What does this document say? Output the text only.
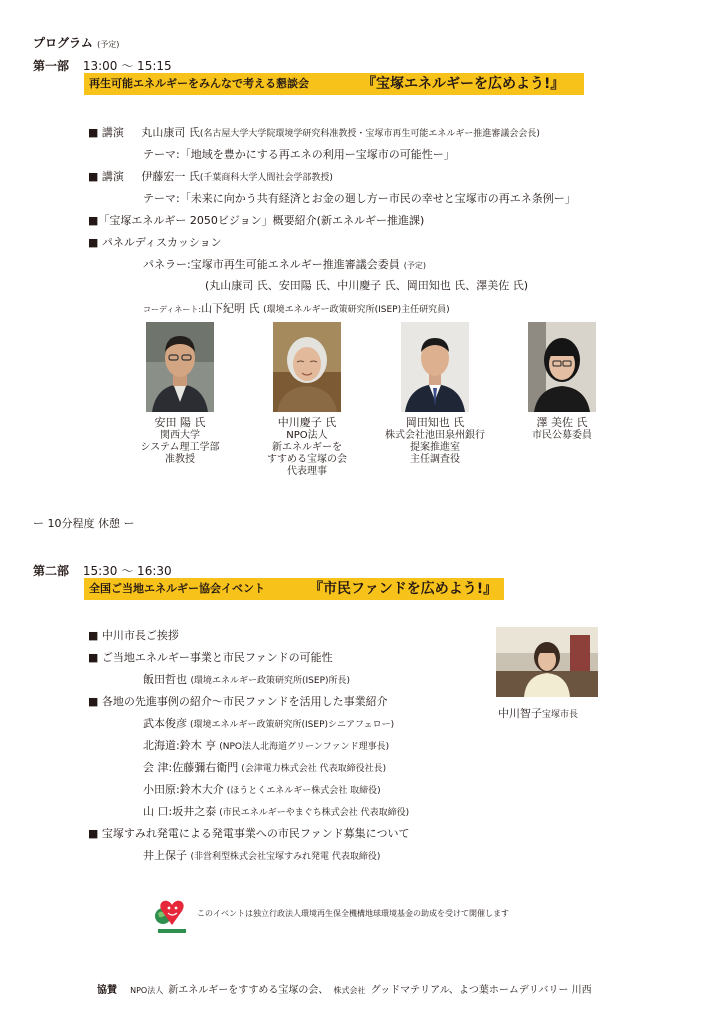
プログラム (予定)
第一部 13:00 〜 15:15
再生可能エネルギーをみんなで考える懇談会	『宝塚エネルギーを広めよう!』
■ 講演 丸山康司 氏(名古屋大学大学院環境学研究科准教授・宝塚市再生可能エネルギー推進審議会会長)
テーマ:「地域を豊かにする再エネの利用ー宝塚市の可能性ー」
■ 講演 伊藤宏一 氏(千葉商科大学人間社会学部教授)
テーマ:「未来に向かう共有経済とお金の廻し方ー市民の幸せと宝塚市の再エネ条例ー」
■「宝塚エネルギー 2050ビジョン」概要紹介(新エネルギー推進課)
■ パネルディスカッション
パネラー:宝塚市再生可能エネルギー推進審議会委員 (予定)
(丸山康司 氏、安田陽 氏、中川慶子 氏、岡田知也 氏、澤美佐 氏)
コーディネート:山下紀明 氏 (環境エネルギー政策研究所(ISEP)主任研究員)
安田 陽 氏
関西大学
システム理工学部
准教授
中川慶子 氏
NPO法人
新エネルギーを
すすめる宝塚の会
代表理事
岡田知也 氏
株式会社池田泉州銀行
提案推進室
主任調査役
澤 美佐 氏
市民公募委員
ー 10分程度 休憩 ー
第二部 15:30 〜 16:30
全国ご当地エネルギー協会イベント	『市民ファンドを広めよう!』
■ 中川市長ご挨拶
■ ご当地エネルギー事業と市民ファンドの可能性
飯田哲也 (環境エネルギー政策研究所(ISEP)所長)
■ 各地の先進事例の紹介〜市民ファンドを活用した事業紹介
武本俊彦 (環境エネルギー政策研究所(ISEP)シニアフェロー)
北海道:鈴木 亨 (NPO法人北海道グリーンファンド理事長)
会 津:佐藤彌右衛門 (会津電力株式会社 代表取締役社長)
小田原:鈴木大介 (ほうとくエネルギー株式会社 取締役)
山 口:坂井之泰 (市民エネルギーやまぐち株式会社 代表取締役)
■ 宝塚すみれ発電による発電事業への市民ファンド募集について
井上保子 (非営利型株式会社宝塚すみれ発電 代表取締役)
中川智子宝塚市長
このイベントは独立行政法人環境再生保全機構地球環境基金の助成を受けて開催します
協賛 NPO法人 新エネルギーをすすめる宝塚の会、 株式会社 グッドマテリアル、よつ葉ホームデリバリー 川西
